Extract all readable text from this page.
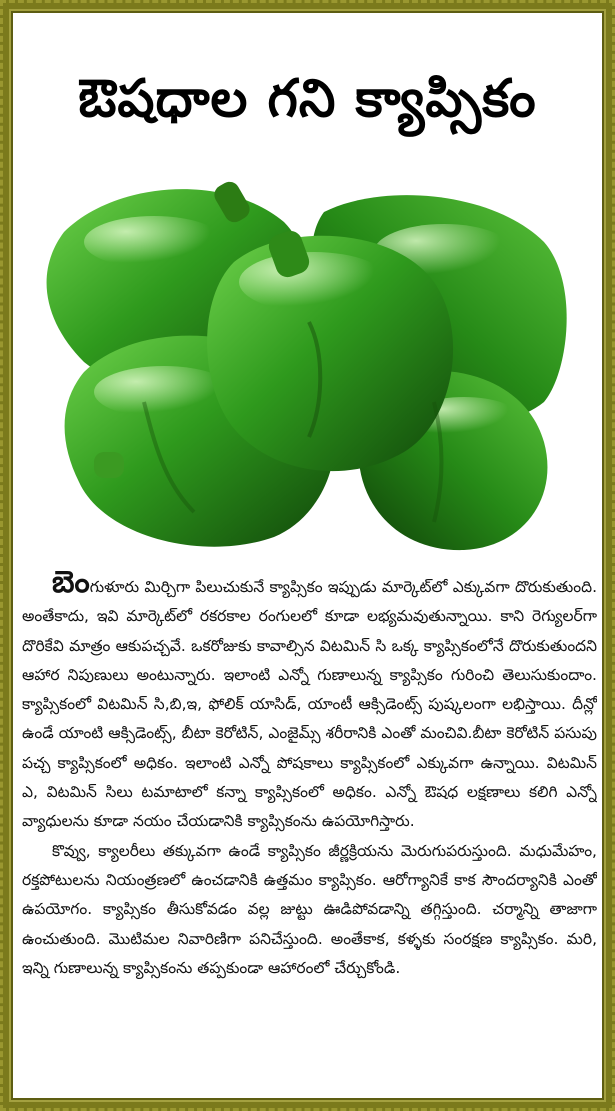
ఔషధాల గని క్యాప్సికం

బెంగుళూరు మిర్చిగా పిలుచుకునే క్యాప్సికం ఇప్పుడు మార్కెట్‌లో ఎక్కువగా దొరుకుతుంది. అంతేకాదు, ఇవి మార్కెట్‌లో రకరకాల రంగులలో కూడా లభ్యమవుతున్నాయి. కాని రెగ్యులర్‌గా దొరికేవి మాత్రం ఆకుపచ్చవే. ఒకరోజుకు కావాల్సిన విటమిన్ సి ఒక్క క్యాప్సికంలోనే దొరుకుతుందని ఆహార నిపుణులు అంటున్నారు. ఇలాంటి ఎన్నో గుణాలున్న క్యాప్సికం గురించి తెలుసుకుందాం. క్యాప్సికంలో విటమిన్ సి,బి,ఇ, ఫోలిక్ యాసిడ్, యాంటీ ఆక్సిడెంట్స్ పుష్కలంగా లభిస్తాయి. దీన్లో ఉండే యాంటి ఆక్సిడెంట్స్, బీటా కెరోటిన్, ఎంజైమ్స్ శరీరానికి ఎంతో మంచివి.బీటా కెరోటిన్ పసుపు పచ్చ క్యాప్సికంలో అధికం. ఇలాంటి ఎన్నో పోషకాలు క్యాప్సికంలో ఎక్కువగా ఉన్నాయి. విటమిన్ ఎ, విటమిన్ సిలు టమాటాలో కన్నా క్యాప్సికంలో అధికం. ఎన్నో ఔషధ లక్షణాలు కలిగి ఎన్నో వ్యాధులను కూడా నయం చేయడానికి క్యాప్సికంను ఉపయోగిస్తారు.

కొవ్వు, క్యాలరీలు తక్కువగా ఉండే క్యాప్సికం జీర్ణక్రియను మెరుగుపరుస్తుంది. మధుమేహం, రక్తపోటులను నియంత్రణలో ఉంచడానికి ఉత్తమం క్యాప్సికం. ఆరోగ్యానికే కాక సౌందర్యానికి ఎంతో ఉపయోగం. క్యాప్సికం తీసుకోవడం వల్ల జుట్టు ఊడిపోవడాన్ని తగ్గిస్తుంది. చర్మాన్ని తాజాగా ఉంచుతుంది. మొటిమల నివారిణిగా పనిచేస్తుంది. అంతేకాక, కళ్ళకు సంరక్షణ క్యాప్సికం. మరి, ఇన్ని గుణాలున్న క్యాప్సికంను తప్పకుండా ఆహారంలో చేర్చుకోండి.
